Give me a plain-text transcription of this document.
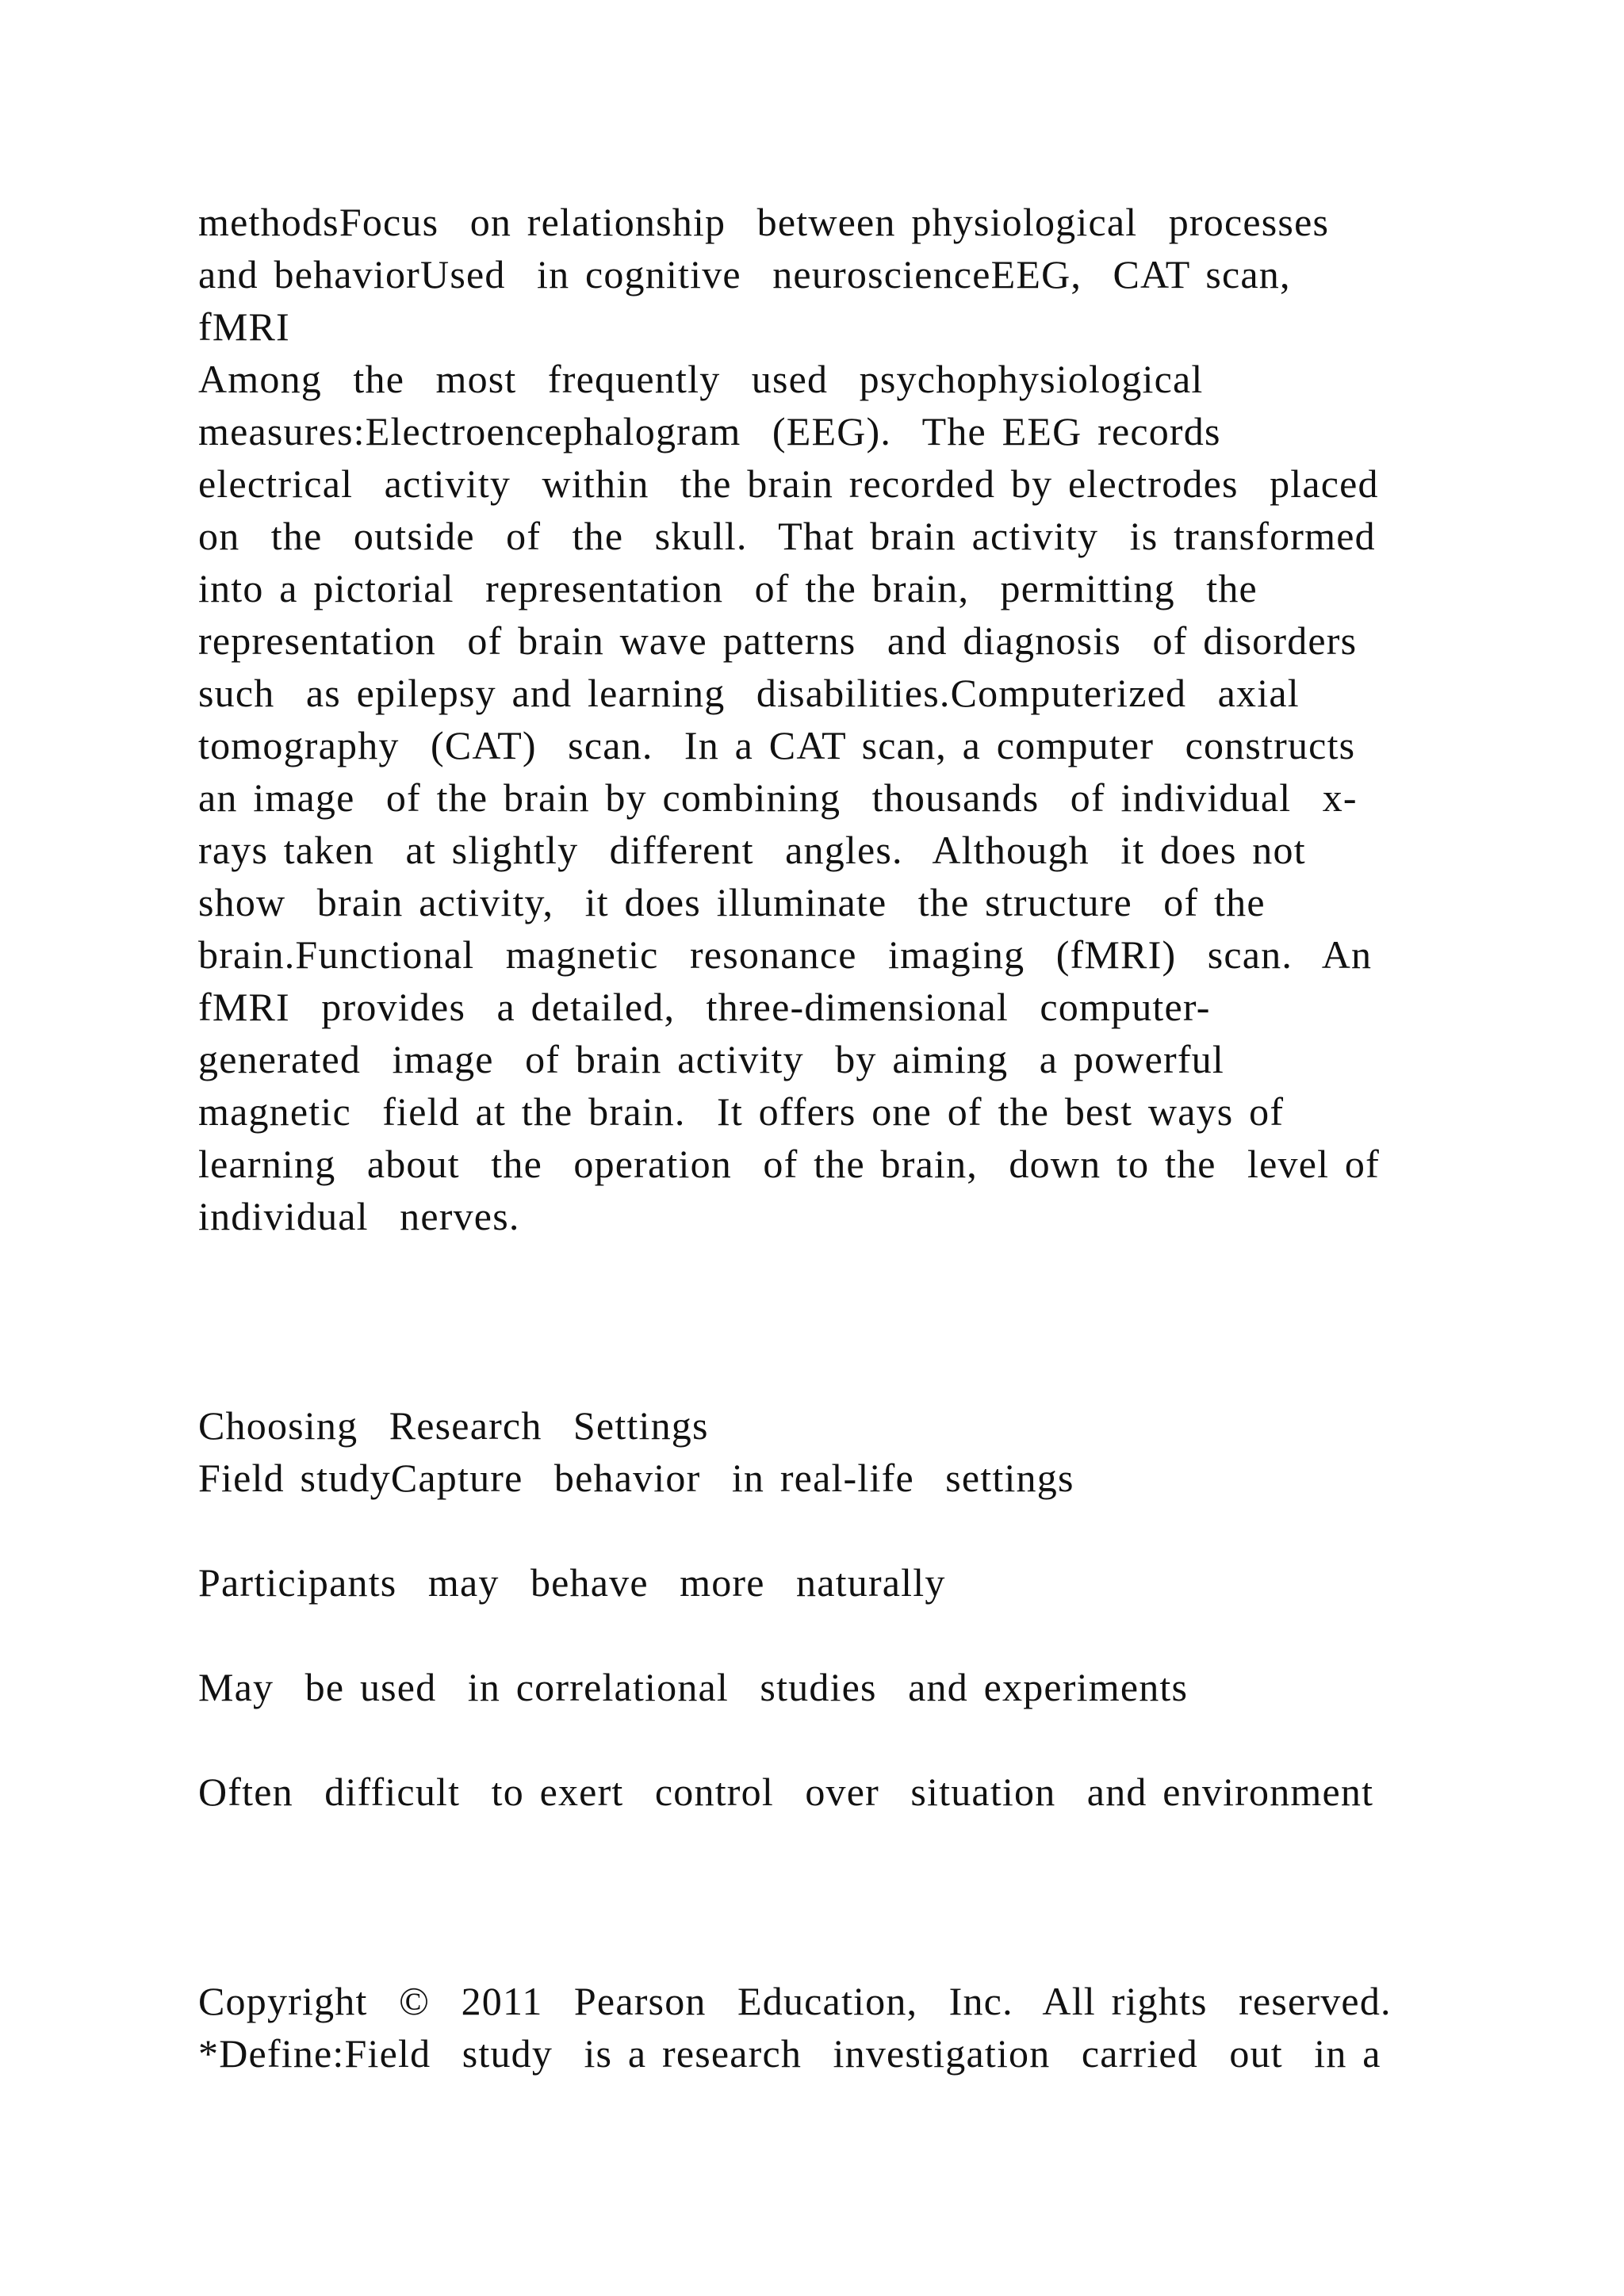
methodsFocus  on relationship  between physiological  processes
and behaviorUsed  in cognitive  neuroscienceEEG,  CAT scan,
fMRI
Among  the  most  frequently  used  psychophysiological
measures:Electroencephalogram  (EEG).  The EEG records
electrical  activity  within  the brain recorded by electrodes  placed
on  the  outside  of  the  skull.  That brain activity  is transformed
into a pictorial  representation  of the brain,  permitting  the
representation  of brain wave patterns  and diagnosis  of disorders
such  as epilepsy and learning  disabilities.Computerized  axial
tomography  (CAT)  scan.  In a CAT scan, a computer  constructs
an image  of the brain by combining  thousands  of individual  x-
rays taken  at slightly  different  angles.  Although  it does not
show  brain activity,  it does illuminate  the structure  of the
brain.Functional  magnetic  resonance  imaging  (fMRI)  scan.  An
fMRI  provides  a detailed,  three-dimensional  computer-
generated  image  of brain activity  by aiming  a powerful
magnetic  field at the brain.  It offers one of the best ways of
learning  about  the  operation  of the brain,  down to the  level of
individual  nerves.
Choosing  Research  Settings
Field studyCapture  behavior  in real-life  settings
Participants  may  behave  more  naturally
May  be used  in correlational  studies  and experiments
Often  difficult  to exert  control  over  situation  and environment
Copyright  ©  2011  Pearson  Education,  Inc.  All rights  reserved.
*Define:Field  study  is a research  investigation  carried  out  in a
